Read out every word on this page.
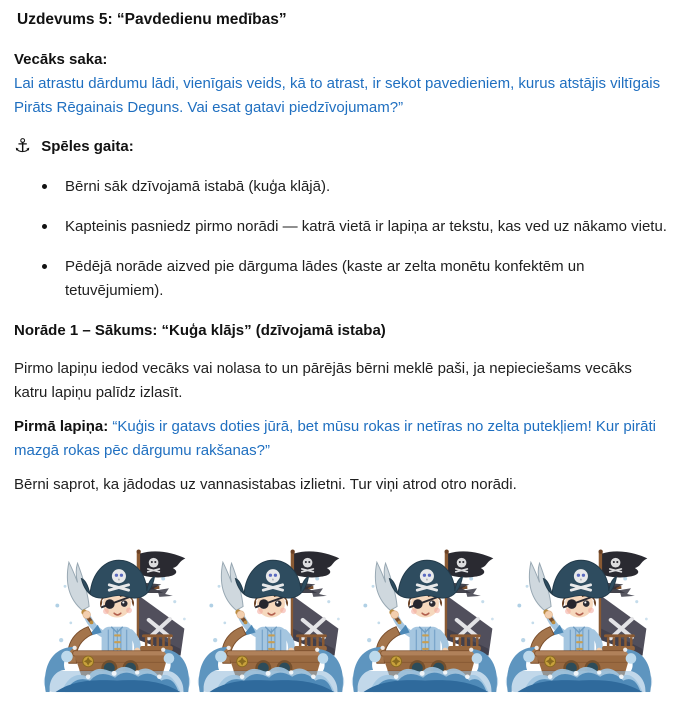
Uzdevums 5: “Pavdedienu medības”

Vecāks saka:
Lai atrastu dārdumu lādi, vienīgais veids, kā to atrast, ir sekot pavedieniem, kurus atstājis viltīgais Pirāts Rēgainais Deguns. Vai esat gatavi piedzīvojumam?”

⚓ Spēles gaita:

Bērni sāk dzīvojamā istabā (kuģa klājā).
Kapteinis pasniedz pirmo norādi — katrā vietā ir lapiņa ar tekstu, kas ved uz nākamo vietu.
Pēdējā norāde aizved pie dārguma lādes (kaste ar zelta monētu konfektēm un tetuvējumiem).

Norāde 1 – Sākums: “Kuģa klājs” (dzīvojamā istaba)

Pirmo lapiņu iedod vecāks vai nolasa to un pārējās bērni meklē paši, ja nepieciešams vecāks katru lapiņu palīdz izlasīt.

Pirmā lapiņa: “Kuģis ir gatavs doties jūrā, bet mūsu rokas ir netīras no zelta putekļiem! Kur pirāti mazgā rokas pēc dārgumu rakšanas?”

Bērni saprot, ka jādodas uz vannasistabas izlietni. Tur viņi atrod otro norādi.
